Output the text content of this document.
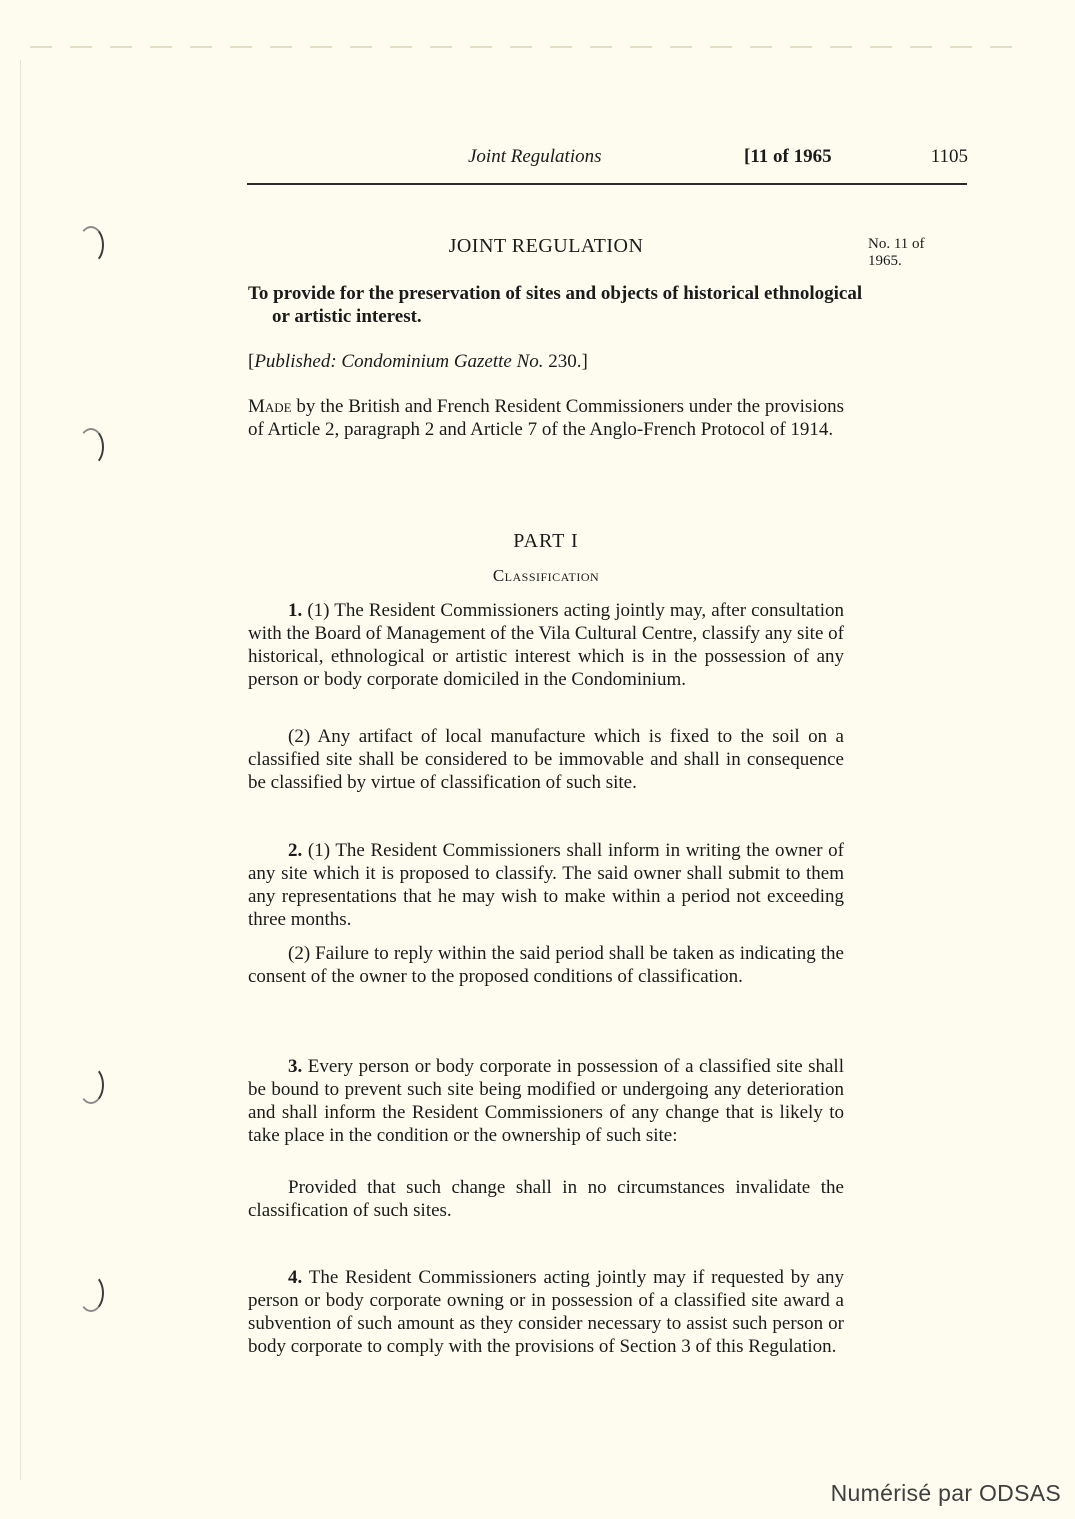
Joint Regulations	[11 of 1965	1105
JOINT REGULATION	No. 11 of
1965.
To provide for the preservation of sites and objects of historical ethnological or artistic interest.
[Published: Condominium Gazette No. 230.]
Made by the British and French Resident Commissioners under the provisions of Article 2, paragraph 2 and Article 7 of the Anglo-French Protocol of 1914.
PART I
Classification

1. (1) The Resident Commissioners acting jointly may, after consultation with the Board of Management of the Vila Cultural Centre, classify any site of historical, ethnological or artistic interest which is in the possession of any person or body corporate domiciled in the Condominium.

(2) Any artifact of local manufacture which is fixed to the soil on a classified site shall be considered to be immovable and shall in consequence be classified by virtue of classification of such site.

2. (1) The Resident Commissioners shall inform in writing the owner of any site which it is proposed to classify. The said owner shall submit to them any representations that he may wish to make within a period not exceeding three months.

(2) Failure to reply within the said period shall be taken as indicating the consent of the owner to the proposed conditions of classification.

3. Every person or body corporate in possession of a classified site shall be bound to prevent such site being modified or undergoing any deterioration and shall inform the Resident Commissioners of any change that is likely to take place in the condition or the ownership of such site:

Provided that such change shall in no circumstances invalidate the classification of such sites.

4. The Resident Commissioners acting jointly may if requested by any person or body corporate owning or in possession of a classified site award a subvention of such amount as they consider necessary to assist such person or body corporate to comply with the provisions of Section 3 of this Regulation.

Numérisé par ODSAS
